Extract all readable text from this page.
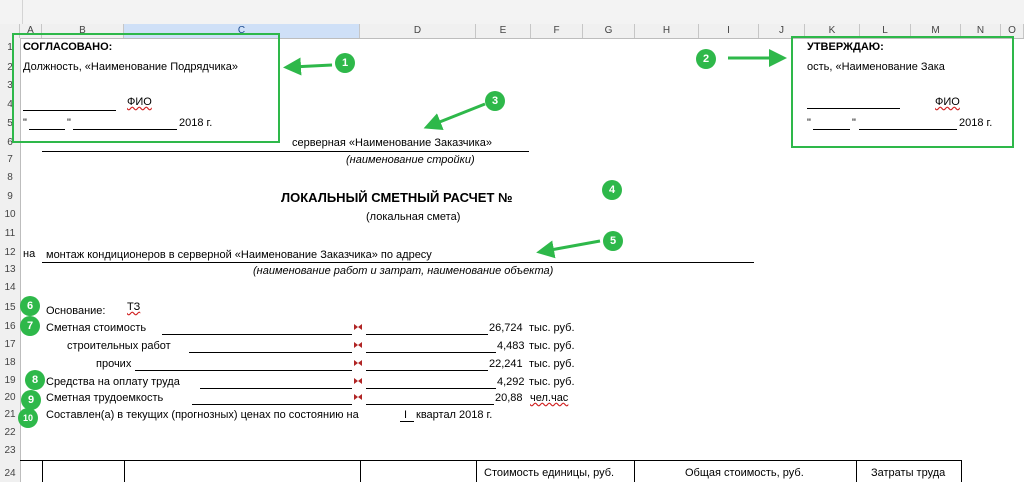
A	B	C	D	E	F	G	H	I	J	K	L	M	N	O
1
2
3
4
5
6
7
8
9
10
11
12
13
14
15
16
17
18
19
20
21
22
23
24
СОГЛАСОВАНО:
Должность, «Наименование Подрядчика»
ФИО
"	"	2018 г.
УТВЕРЖДАЮ:
ость, «Наименование Зака
ФИО
"	"	2018 г.
серверная «Наименование Заказчика»
(наименование стройки)
ЛОКАЛЬНЫЙ СМЕТНЫЙ РАСЧЕТ №
(локальная смета)
на монтаж кондиционеров в серверной «Наименование Заказчика» по адресу
(наименование работ и затрат, наименование объекта)
Основание: ТЗ
Сметная стоимость	26,724 тыс. руб.
строительных работ	4,483 тыс. руб.
прочих	22,241 тыс. руб.
Средства на оплату труда	4,292 тыс. руб.
Сметная трудоемкость	20,88 чел.час
Составлен(а) в текущих (прогнозных) ценах по состоянию на	I квартал 2018 г.
Стоимость единицы, руб.	Общая стоимость, руб.	Затраты труда
1	2
3
4
5
6
7
8
9
10
